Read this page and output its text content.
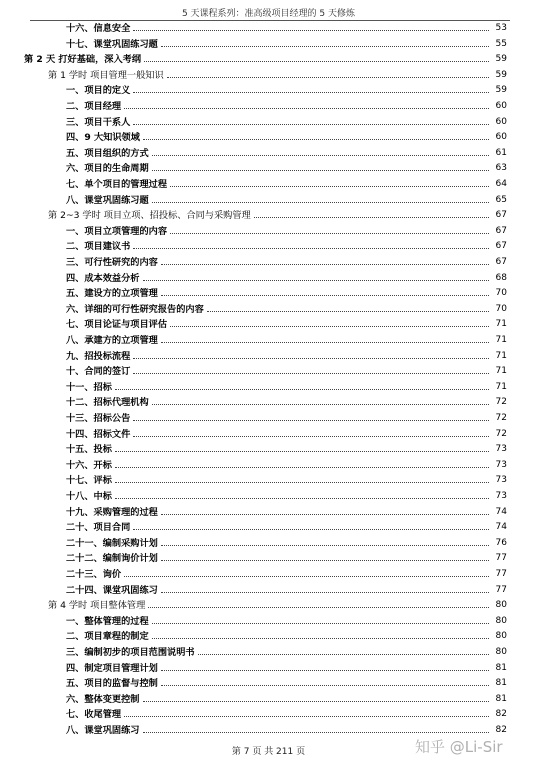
5 天课程系列：准高级项目经理的 5 天修炼
十六、信息安全	53
十七、课堂巩固练习题	55
第 2 天 打好基础，深入考纲	59
第 1 学时 项目管理一般知识	59
一、项目的定义	59
二、项目经理	60
三、项目干系人	60
四、9 大知识领域	60
五、项目组织的方式	61
六、项目的生命周期	63
七、单个项目的管理过程	64
八、课堂巩固练习题	65
第 2~3 学时 项目立项、招投标、合同与采购管理	67
一、项目立项管理的内容	67
二、项目建议书	67
三、可行性研究的内容	67
四、成本效益分析	68
五、建设方的立项管理	70
六、详细的可行性研究报告的内容	70
七、项目论证与项目评估	71
八、承建方的立项管理	71
九、招投标流程	71
十、合同的签订	71
十一、招标	71
十二、招标代理机构	72
十三、招标公告	72
十四、招标文件	72
十五、投标	73
十六、开标	73
十七、评标	73
十八、中标	73
十九、采购管理的过程	74
二十、项目合同	74
二十一、编制采购计划	76
二十二、编制询价计划	77
二十三、询价	77
二十四、课堂巩固练习	77
第 4 学时 项目整体管理	80
一、整体管理的过程	80
二、项目章程的制定	80
三、编制初步的项目范围说明书	80
四、制定项目管理计划	81
五、项目的监督与控制	81
六、整体变更控制	81
七、收尾管理	82
八、课堂巩固练习	82
第 7 页 共 211 页	知乎 @Li-Sir
